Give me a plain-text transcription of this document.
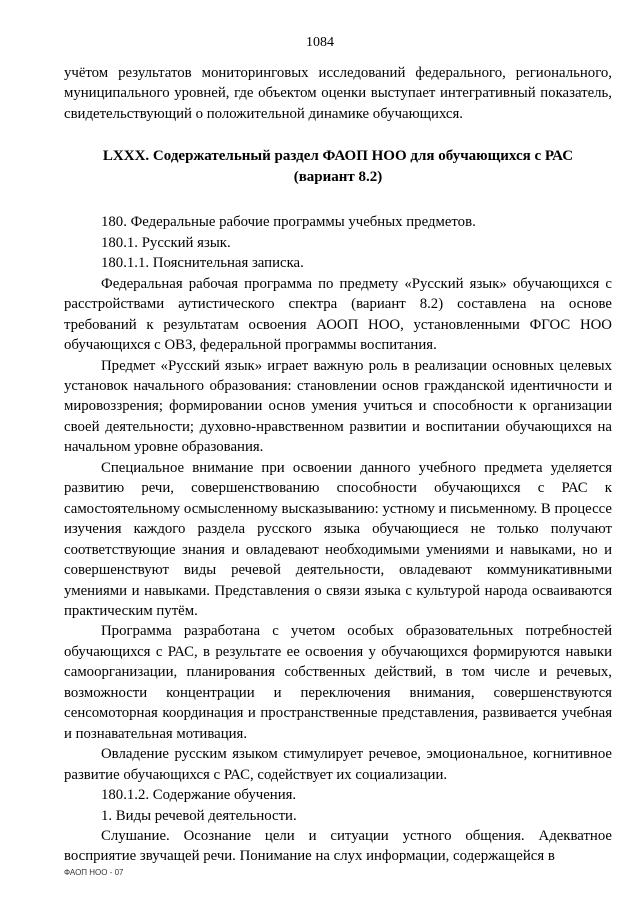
1084

учётом результатов мониторинговых исследований федерального, регионального, муниципального уровней, где объектом оценки выступает интегративный показатель, свидетельствующий о положительной динамике обучающихся.

LXXX. Содержательный раздел ФАОП НОО для обучающихся с РАС
(вариант 8.2)

180. Федеральные рабочие программы учебных предметов.

180.1. Русский язык.

180.1.1. Пояснительная записка.

Федеральная рабочая программа по предмету «Русский язык» обучающихся с расстройствами аутистического спектра (вариант 8.2) составлена на основе требований к результатам освоения АООП НОО, установленными ФГОС НОО обучающихся с ОВЗ, федеральной программы воспитания.

Предмет «Русский язык» играет важную роль в реализации основных целевых установок начального образования: становлении основ гражданской идентичности и мировоззрения; формировании основ умения учиться и способности к организации своей деятельности; духовно-нравственном развитии и воспитании обучающихся на начальном уровне образования.

Специальное внимание при освоении данного учебного предмета уделяется развитию речи, совершенствованию способности обучающихся с РАС к самостоятельному осмысленному высказыванию: устному и письменному. В процессе изучения каждого раздела русского языка обучающиеся не только получают соответствующие знания и овладевают необходимыми умениями и навыками, но и совершенствуют виды речевой деятельности, овладевают коммуникативными умениями и навыками. Представления о связи языка с культурой народа осваиваются практическим путём.

Программа разработана с учетом особых образовательных потребностей обучающихся с РАС, в результате ее освоения у обучающихся формируются навыки самоорганизации, планирования собственных действий, в том числе и речевых, возможности концентрации и переключения внимания, совершенствуются сенсомоторная координация и пространственные представления, развивается учебная и познавательная мотивация.

Овладение русским языком стимулирует речевое, эмоциональное, когнитивное развитие обучающихся с РАС, содействует их социализации.

180.1.2. Содержание обучения.

1. Виды речевой деятельности.

Слушание. Осознание цели и ситуации устного общения. Адекватное восприятие звучащей речи. Понимание на слух информации, содержащейся в

ФАОП НОО - 07
